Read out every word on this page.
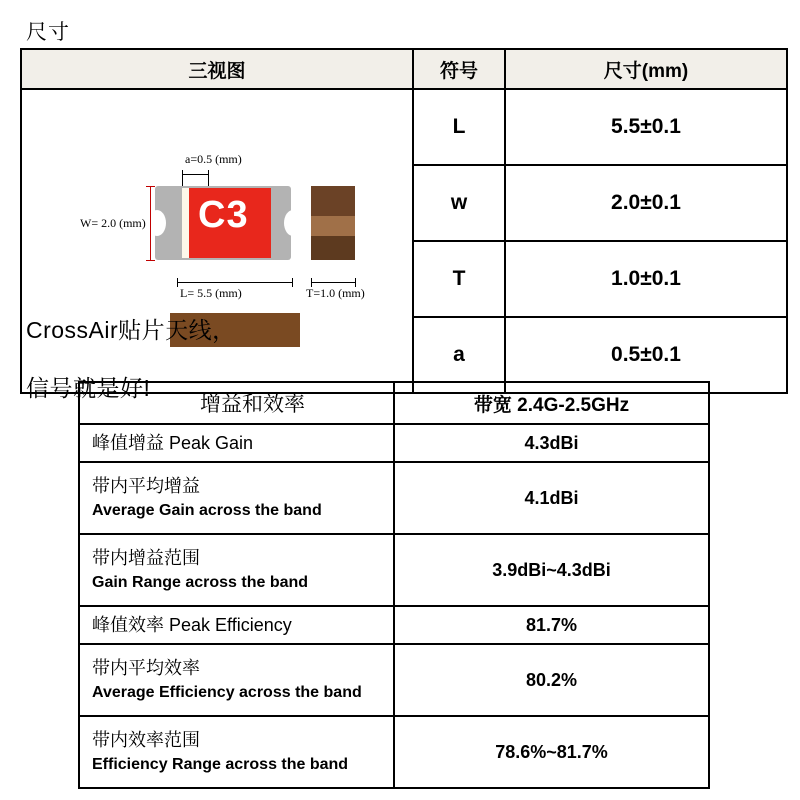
尺寸
三视图	符号	尺寸(mm)

a=0.5 (mm)
C3
W= 2.0 (mm)
L= 5.5 (mm) T=1.0 (mm)	L	5.5±0.1
	w	2.0±0.1
	T	1.0±0.1
	a	0.5±0.1
CrossAir贴片天线，
信号就是好!
增益和效率	带宽 2.4G-2.5GHz
峰值增益 Peak Gain	4.3dBi

带内平均增益
Average Gain across the band	4.1dBi

带内增益范围
Gain Range across the band	3.9dBi~4.3dBi
峰值效率 Peak Efficiency	81.7%

带内平均效率
Average Efficiency across the band	80.2%

带内效率范围
Efficiency Range across the band	78.6%~81.7%
